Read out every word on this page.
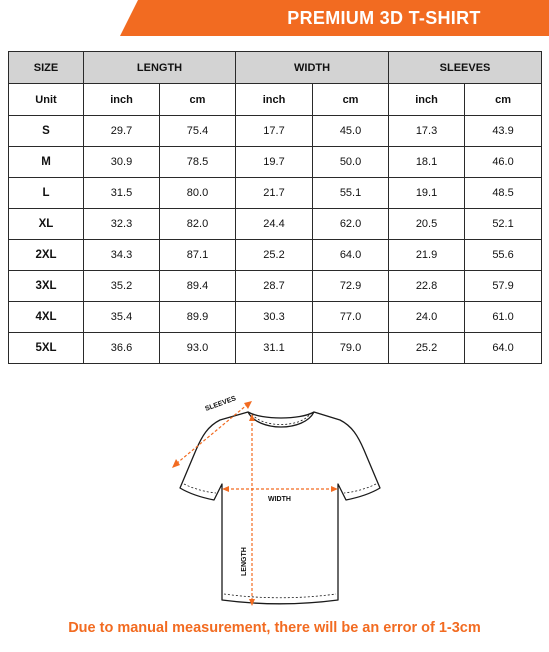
PREMIUM 3D T-SHIRT
SIZE	LENGTH		WIDTH		SLEEVES	
Unit	inch	cm	inch	cm	inch	cm
S	29.7	75.4	17.7	45.0	17.3	43.9
M	30.9	78.5	19.7	50.0	18.1	46.0
L	31.5	80.0	21.7	55.1	19.1	48.5
XL	32.3	82.0	24.4	62.0	20.5	52.1
2XL	34.3	87.1	25.2	64.0	21.9	55.6
3XL	35.2	89.4	28.7	72.9	22.8	57.9
4XL	35.4	89.9	30.3	77.0	24.0	61.0
5XL	36.6	93.0	31.1	79.0	25.2	64.0
SLEEVES
WIDTH
LENGTH
Due to manual measurement, there will be an error of 1-3cm
